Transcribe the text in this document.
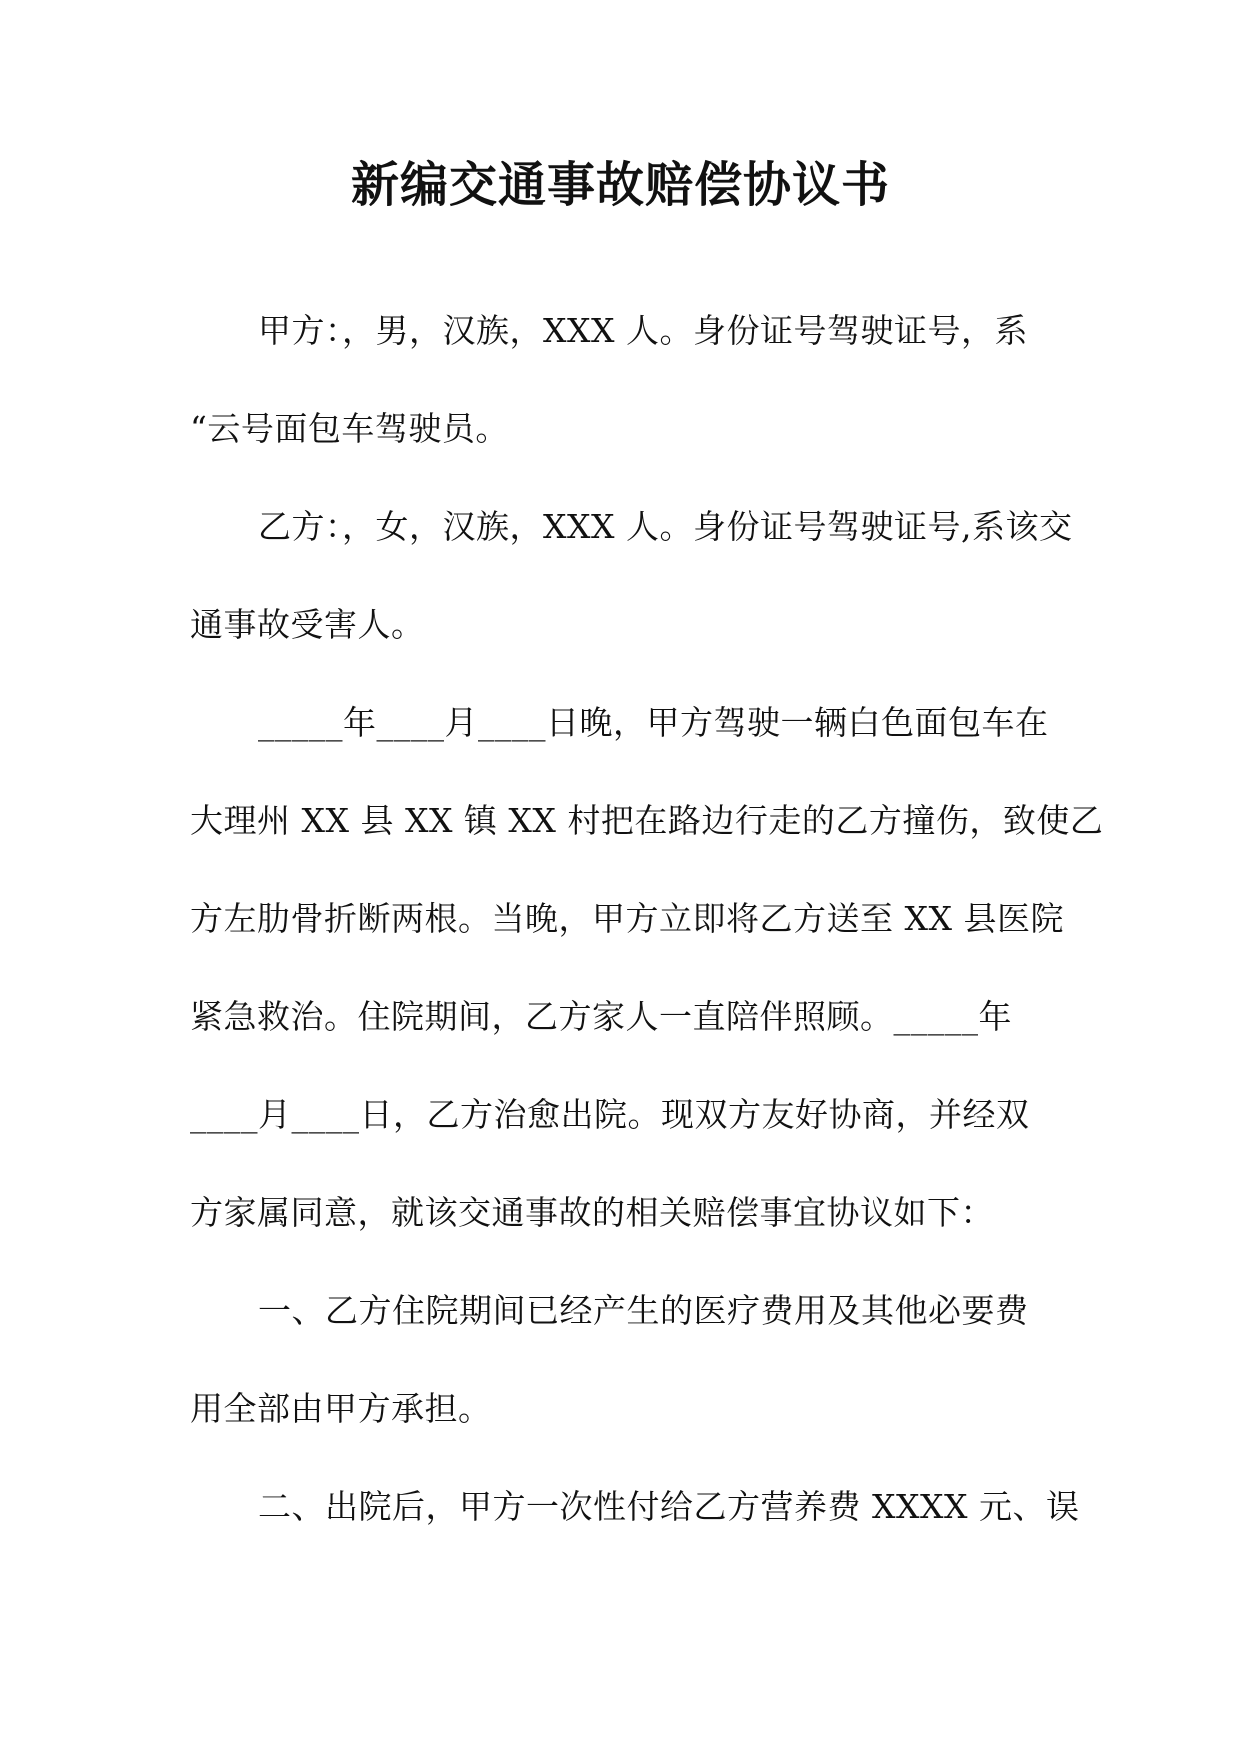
新编交通事故赔偿协议书
甲方：，男，汉族，XXX 人。身份证号驾驶证号，系
“云号面包车驾驶员。
乙方：，女，汉族，XXX 人。身份证号驾驶证号,系该交
通事故受害人。
_____年____月____日晚，甲方驾驶一辆白色面包车在
大理州 XX 县 XX 镇 XX 村把在路边行走的乙方撞伤，致使乙
方左肋骨折断两根。当晚，甲方立即将乙方送至 XX 县医院
紧急救治。住院期间，乙方家人一直陪伴照顾。_____年
____月____日，乙方治愈出院。现双方友好协商，并经双
方家属同意，就该交通事故的相关赔偿事宜协议如下：
一、乙方住院期间已经产生的医疗费用及其他必要费
用全部由甲方承担。
二、出院后，甲方一次性付给乙方营养费 XXXX 元、误
